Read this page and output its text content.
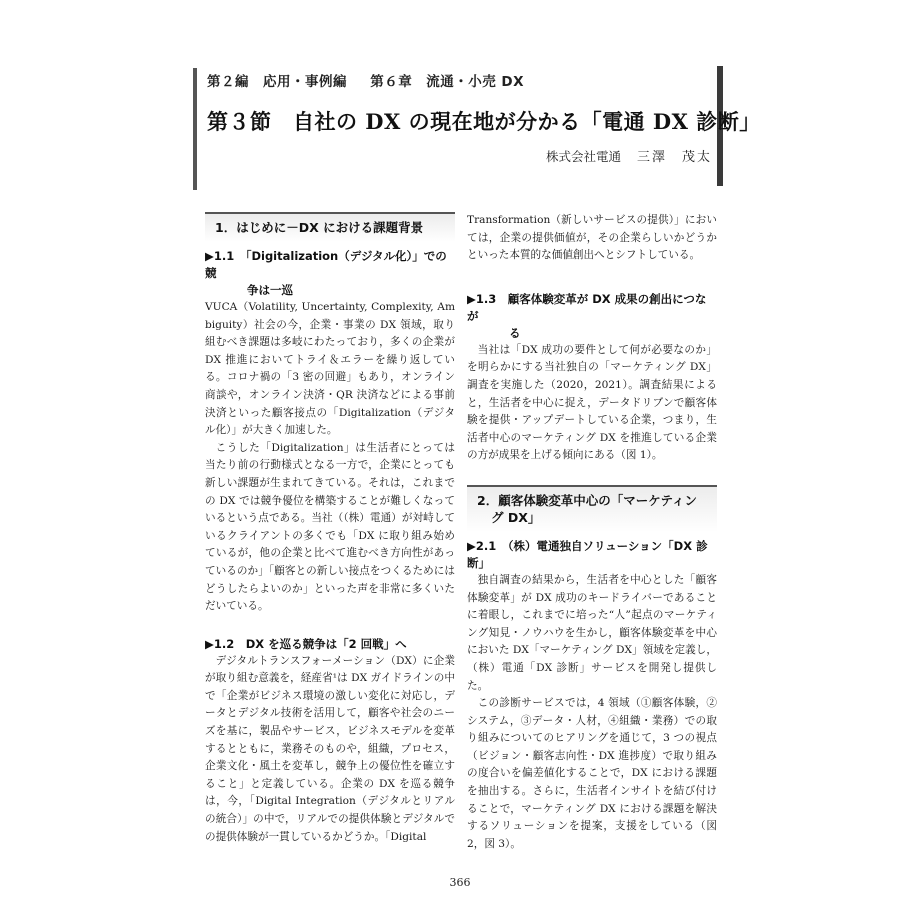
第２編　応用・事例編 第６章　流通・小売 DX
第３節　自社の DX の現在地が分かる「電通 DX 診断」
株式会社電通 三澤　茂太
1．はじめに－DX における課題背景
▶1.1　「Digitalization（デジタル化）」での競
争は一巡

VUCA（Volatility, Uncertainty, Complexity, Ambiguity）社会の今，企業・事業の DX 領域，取り組むべき課題は多岐にわたっており，多くの企業が DX 推進においてトライ＆エラーを繰り返している。コロナ禍の「3 密の回避」もあり，オンライン商談や，オンライン決済・QR 決済などによる事前決済といった顧客接点の「Digitalization（デジタル化）」が大きく加速した。

こうした「Digitalization」は生活者にとっては当たり前の行動様式となる一方で，企業にとっても新しい課題が生まれてきている。それは，これまでの DX では競争優位を構築することが難しくなっているという点である。当社（（株）電通）が対峙しているクライアントの多くでも「DX に取り組み始めているが，他の企業と比べて進むべき方向性があっているのか」「顧客との新しい接点をつくるためにはどうしたらよいのか」といった声を非常に多くいただいている。

▶1.2　DX を巡る競争は「2 回戦」へ

デジタルトランスフォーメーション（DX）に企業が取り組む意義を，経産省¹は DX ガイドラインの中で「企業がビジネス環境の激しい変化に対応し，データとデジタル技術を活用して，顧客や社会のニーズを基に，製品やサービス，ビジネスモデルを変革するとともに，業務そのものや，組織，プロセス，企業文化・風土を変革し，競争上の優位性を確立すること」と定義している。企業の DX を巡る競争は，今，「Digital Integration（デジタルとリアルの統合）」の中で，リアルでの提供体験とデジタルでの提供体験が一貫しているかどうか。「Digital

Transformation（新しいサービスの提供）」においては，企業の提供価値が，その企業らしいかどうかといった本質的な価値創出へとシフトしている。

▶1.3　顧客体験変革が DX 成果の創出につなが
る

当社は「DX 成功の要件として何が必要なのか」を明らかにする当社独自の「マーケティング DX」調査を実施した（2020，2021）。調査結果によると，生活者を中心に捉え，データドリブンで顧客体験を提供・アップデートしている企業，つまり，生活者中心のマーケティング DX を推進している企業の方が成果を上げる傾向にある（図 1）。

2．顧客体験変革中心の「マーケティン
グ DX」
▶2.1　（株）電通独自ソリューション「DX 診断」

独自調査の結果から，生活者を中心とした「顧客体験変革」が DX 成功のキードライバーであることに着眼し，これまでに培った“人”起点のマーケティング知見・ノウハウを生かし，顧客体験変革を中心においた DX「マーケティング DX」領域を定義し，（株）電通「DX 診断」サービスを開発し提供した。

この診断サービスでは，4 領域（①顧客体験，②システム，③データ・人材，④組織・業務）での取り組みについてのヒアリングを通じて，3 つの視点（ビジョン・顧客志向性・DX 進捗度）で取り組みの度合いを偏差値化することで，DX における課題を抽出する。さらに，生活者インサイトを結び付けることで，マーケティング DX における課題を解決するソリューションを提案，支援をしている（図 2，図 3）。

366
